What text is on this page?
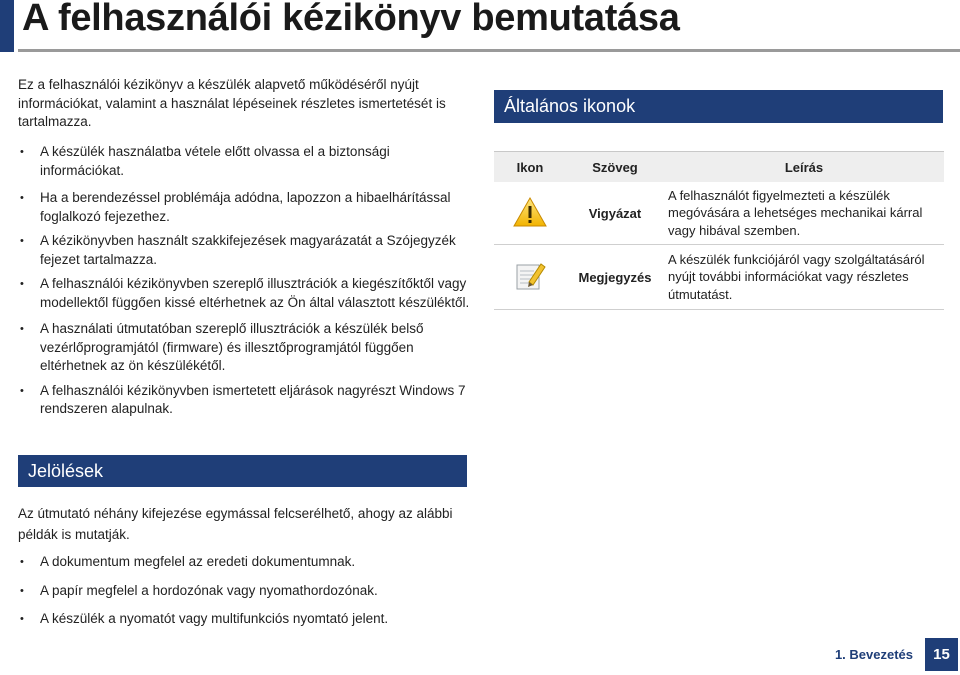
A felhasználói kézikönyv bemutatása

Ez a felhasználói kézikönyv a készülék alapvető működéséről nyújt információkat, valamint a használat lépéseinek részletes ismertetését is tartalmazza.

• A készülék használatba vétele előtt olvassa el a biztonsági információkat.
• Ha a berendezéssel problémája adódna, lapozzon a hibaelhárítással foglalkozó fejezethez.
• A kézikönyvben használt szakkifejezések magyarázatát a Szójegyzék fejezet tartalmazza.
• A felhasználói kézikönyvben szereplő illusztrációk a kiegészítőktől vagy modellektől függően kissé eltérhetnek az Ön által választott készüléktől.
• A használati útmutatóban szereplő illusztrációk a készülék belső vezérlőprogramjától (firmware) és illesztőprogramjától függően eltérhetnek az ön készülékétől.
• A felhasználói kézikönyvben ismertetett eljárások nagyrészt Windows 7 rendszeren alapulnak.
Általános ikonok
Ikon	Szöveg	Leírás
	Vigyázat	A felhasználót figyelmezteti a készülék megóvására a lehetséges mechanikai kárral vagy hibával szemben.
	Megjegyzés	A készülék funkciójáról vagy szolgáltatásáról nyújt további információkat vagy részletes útmutatást.
Jelölések

Az útmutató néhány kifejezése egymással felcserélhető, ahogy az alábbi példák is mutatják.

• A dokumentum megfelel az eredeti dokumentumnak.
• A papír megfelel a hordozónak vagy nyomathordozónak.
• A készülék a nyomatót vagy multifunkciós nyomtató jelent.
1. Bevezetés	15
